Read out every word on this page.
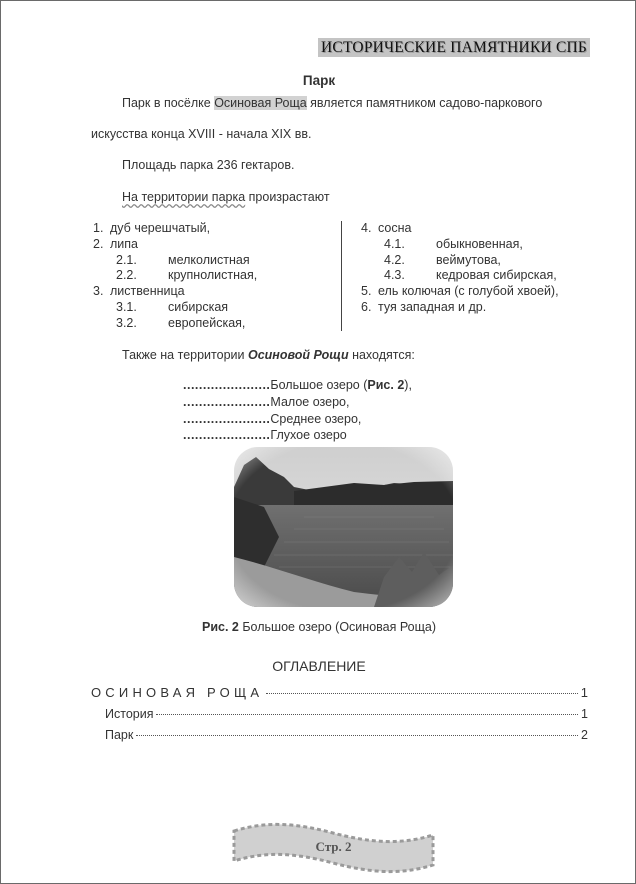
ИСТОРИЧЕСКИЕ ПАМЯТНИКИ СПБ
Парк
Парк в посёлке Осиновая Роща является памятником садово-паркового
искусства конца XVIII - начала XIX вв.
Площадь парка 236 гектаров.
На территории парка произрастают
1. дуб черешчатый,
2. липа
2.1. мелколистная
2.2. крупнолистная,
3. лиственница
3.1. сибирская
3.2. европейская,
4. сосна
4.1. обыкновенная,
4.2. веймутова,
4.3. кедровая сибирская,
5. ель колючая (с голубой хвоей),
6. туя западная и др.
Также на территории Осиновой Рощи находятся:
......................Большое озеро (Рис. 2),
......................Малое озеро,
......................Среднее озеро,
......................Глухое озеро
Рис. 2 Большое озеро (Осиновая Роща)
ОГЛАВЛЕНИЕ
ОСИНОВАЯ РОЩА	1
История	1
Парк	2
Стр. 2
